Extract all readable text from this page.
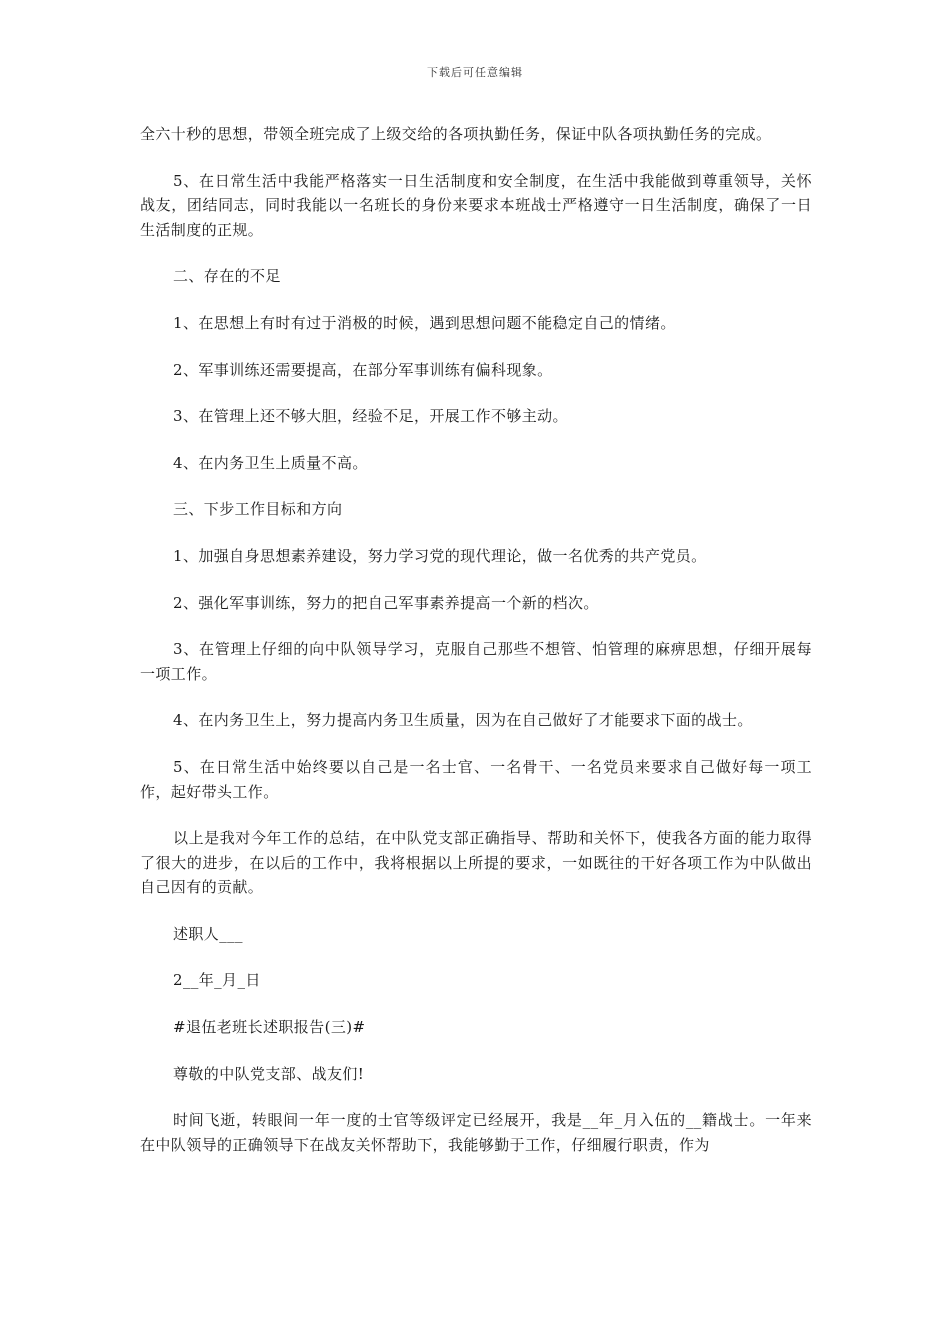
下载后可任意编辑

全六十秒的思想，带领全班完成了上级交给的各项执勤任务，保证中队各项执勤任务的完成。

5、在日常生活中我能严格落实一日生活制度和安全制度，在生活中我能做到尊重领导，关怀战友，团结同志，同时我能以一名班长的身份来要求本班战士严格遵守一日生活制度，确保了一日生活制度的正规。

二、存在的不足

1、在思想上有时有过于消极的时候，遇到思想问题不能稳定自己的情绪。

2、军事训练还需要提高，在部分军事训练有偏科现象。

3、在管理上还不够大胆，经验不足，开展工作不够主动。

4、在内务卫生上质量不高。

三、下步工作目标和方向

1、加强自身思想素养建设，努力学习党的现代理论，做一名优秀的共产党员。

2、强化军事训练，努力的把自己军事素养提高一个新的档次。

3、在管理上仔细的向中队领导学习，克服自己那些不想管、怕管理的麻痹思想，仔细开展每一项工作。

4、在内务卫生上，努力提高内务卫生质量，因为在自己做好了才能要求下面的战士。

5、在日常生活中始终要以自己是一名士官、一名骨干、一名党员来要求自己做好每一项工作，起好带头工作。

以上是我对今年工作的总结，在中队党支部正确指导、帮助和关怀下，使我各方面的能力取得了很大的进步，在以后的工作中，我将根据以上所提的要求，一如既往的干好各项工作为中队做出自己因有的贡献。

述职人___

2__年_月_日

#退伍老班长述职报告(三)#

尊敬的中队党支部、战友们!

时间飞逝，转眼间一年一度的士官等级评定已经展开，我是__年_月入伍的__籍战士。一年来在中队领导的正确领导下在战友关怀帮助下，我能够勤于工作，仔细履行职责，作为
